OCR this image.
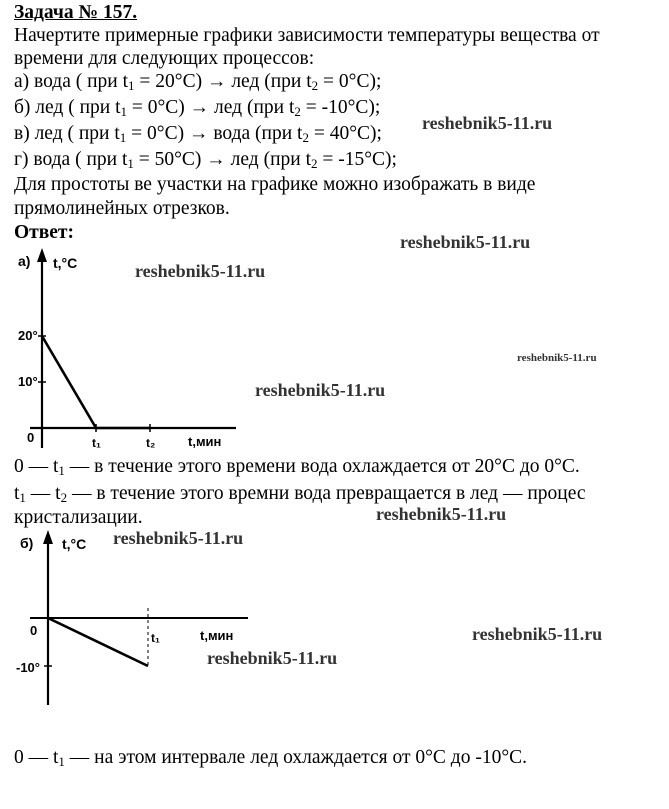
Задача № 157.
Начертите примерные графики зависимости температуры вещества от
времени для следующих процессов:
а) вода ( при $t_1 = 20^\circ C$) → лед (при $t_2 = 0^\circ C$);
б) лед ( при $t_1 = 0^\circ C$) → лед (при $t_2 = -10^\circ C$);
в) лед ( при $t_1 = 0^\circ C$) → вода (при $t_2 = 40^\circ C$);
г) вода ( при $t_1 = 50^\circ C$) → лед (при $t_2 = -15^\circ C$);
Для простоты ве участки на графике можно изображать в виде
прямолинейных отрезков.
Ответ:
reshebnik5-11.ru
reshebnik5-11.ru
reshebnik5-11.ru
reshebnik5-11.ru
reshebnik5-11.ru
reshebnik5-11.ru
reshebnik5-11.ru
reshebnik5-11.ru
reshebnik5-11.ru
а) t,°C
t,мин
0
10°
20°
t₁	t₂
б) t,°C
t,мин
0
-10°
t₁
0 — $t_1$ — в течение этого времени вода охлаждается от 20°C до 0°C.
$t_1$ — $t_2$ — в течение этого времни вода превращается в лед — процес
кристализации.
0 — $t_1$ — на этом интервале лед охлаждается от 0°C до -10°C.
